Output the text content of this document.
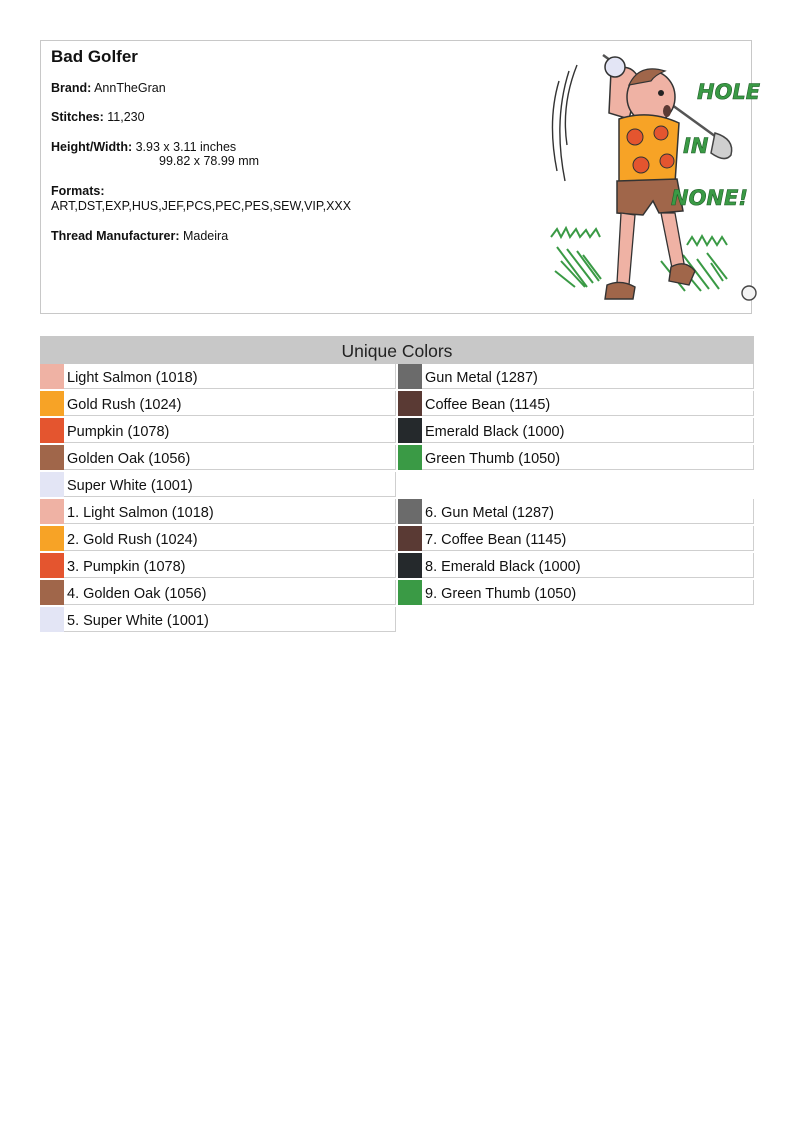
Bad Golfer
Brand: AnnTheGran
Stitches: 11,230
Height/Width: 3.93 x 3.11 inches
99.82 x 78.99 mm
Formats:
ART,DST,EXP,HUS,JEF,PCS,PEC,PES,SEW,VIP,XXX
Thread Manufacturer: Madeira
HOLE
IN
NONE!
Unique Colors
Light Salmon (1018)
Gold Rush (1024)
Pumpkin (1078)
Golden Oak (1056)
Super White (1001)
Gun Metal (1287)
Coffee Bean (1145)
Emerald Black (1000)
Green Thumb (1050)
1. Light Salmon (1018)
2. Gold Rush (1024)
3. Pumpkin (1078)
4. Golden Oak (1056)
5. Super White (1001)
6. Gun Metal (1287)
7. Coffee Bean (1145)
8. Emerald Black (1000)
9. Green Thumb (1050)
